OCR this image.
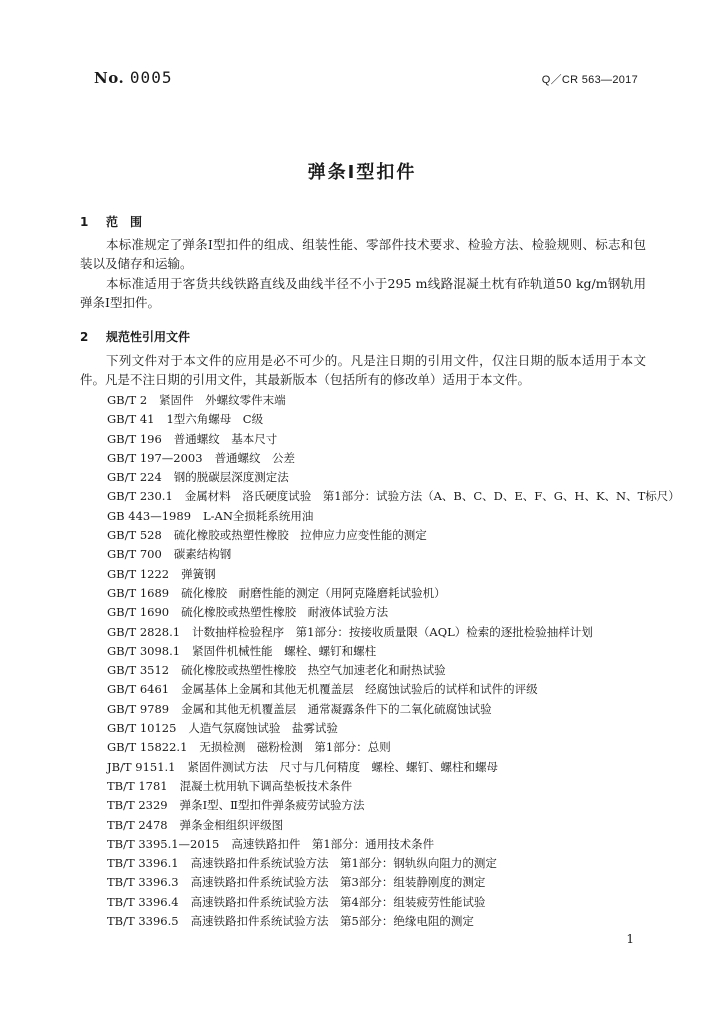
No. 0005	Q／CR 563—2017
弹条Ⅰ型扣件
1 范　围
本标准规定了弹条Ⅰ型扣件的组成、组装性能、零部件技术要求、检验方法、检验规则、标志和包装以及储存和运输。
本标准适用于客货共线铁路直线及曲线半径不小于295 m线路混凝土枕有砟轨道50 kg/m钢轨用弹条Ⅰ型扣件。
2 规范性引用文件
下列文件对于本文件的应用是必不可少的。凡是注日期的引用文件，仅注日期的版本适用于本文件。凡是不注日期的引用文件，其最新版本（包括所有的修改单）适用于本文件。
GB/T 2 紧固件　外螺纹零件末端
GB/T 41 1型六角螺母　C级
GB/T 196 普通螺纹　基本尺寸
GB/T 197—2003 普通螺纹　公差
GB/T 224 钢的脱碳层深度测定法
GB/T 230.1 金属材料　洛氏硬度试验　第1部分：试验方法（A、B、C、D、E、F、G、H、K、N、T标尺）
GB 443—1989 L-AN全损耗系统用油
GB/T 528 硫化橡胶或热塑性橡胶　拉伸应力应变性能的测定
GB/T 700 碳素结构钢
GB/T 1222 弹簧钢
GB/T 1689 硫化橡胶　耐磨性能的测定（用阿克隆磨耗试验机）
GB/T 1690 硫化橡胶或热塑性橡胶　耐液体试验方法
GB/T 2828.1 计数抽样检验程序　第1部分：按接收质量限（AQL）检索的逐批检验抽样计划
GB/T 3098.1 紧固件机械性能　螺栓、螺钉和螺柱
GB/T 3512 硫化橡胶或热塑性橡胶　热空气加速老化和耐热试验
GB/T 6461 金属基体上金属和其他无机覆盖层　经腐蚀试验后的试样和试件的评级
GB/T 9789 金属和其他无机覆盖层　通常凝露条件下的二氧化硫腐蚀试验
GB/T 10125 人造气氛腐蚀试验　盐雾试验
GB/T 15822.1 无损检测　磁粉检测　第1部分：总则
JB/T 9151.1 紧固件测试方法　尺寸与几何精度　螺栓、螺钉、螺柱和螺母
TB/T 1781 混凝土枕用轨下调高垫板技术条件
TB/T 2329 弹条Ⅰ型、Ⅱ型扣件弹条疲劳试验方法
TB/T 2478 弹条金相组织评级图
TB/T 3395.1—2015 高速铁路扣件　第1部分：通用技术条件
TB/T 3396.1 高速铁路扣件系统试验方法　第1部分：钢轨纵向阻力的测定
TB/T 3396.3 高速铁路扣件系统试验方法　第3部分：组装静刚度的测定
TB/T 3396.4 高速铁路扣件系统试验方法　第4部分：组装疲劳性能试验
TB/T 3396.5 高速铁路扣件系统试验方法　第5部分：绝缘电阻的测定
1
